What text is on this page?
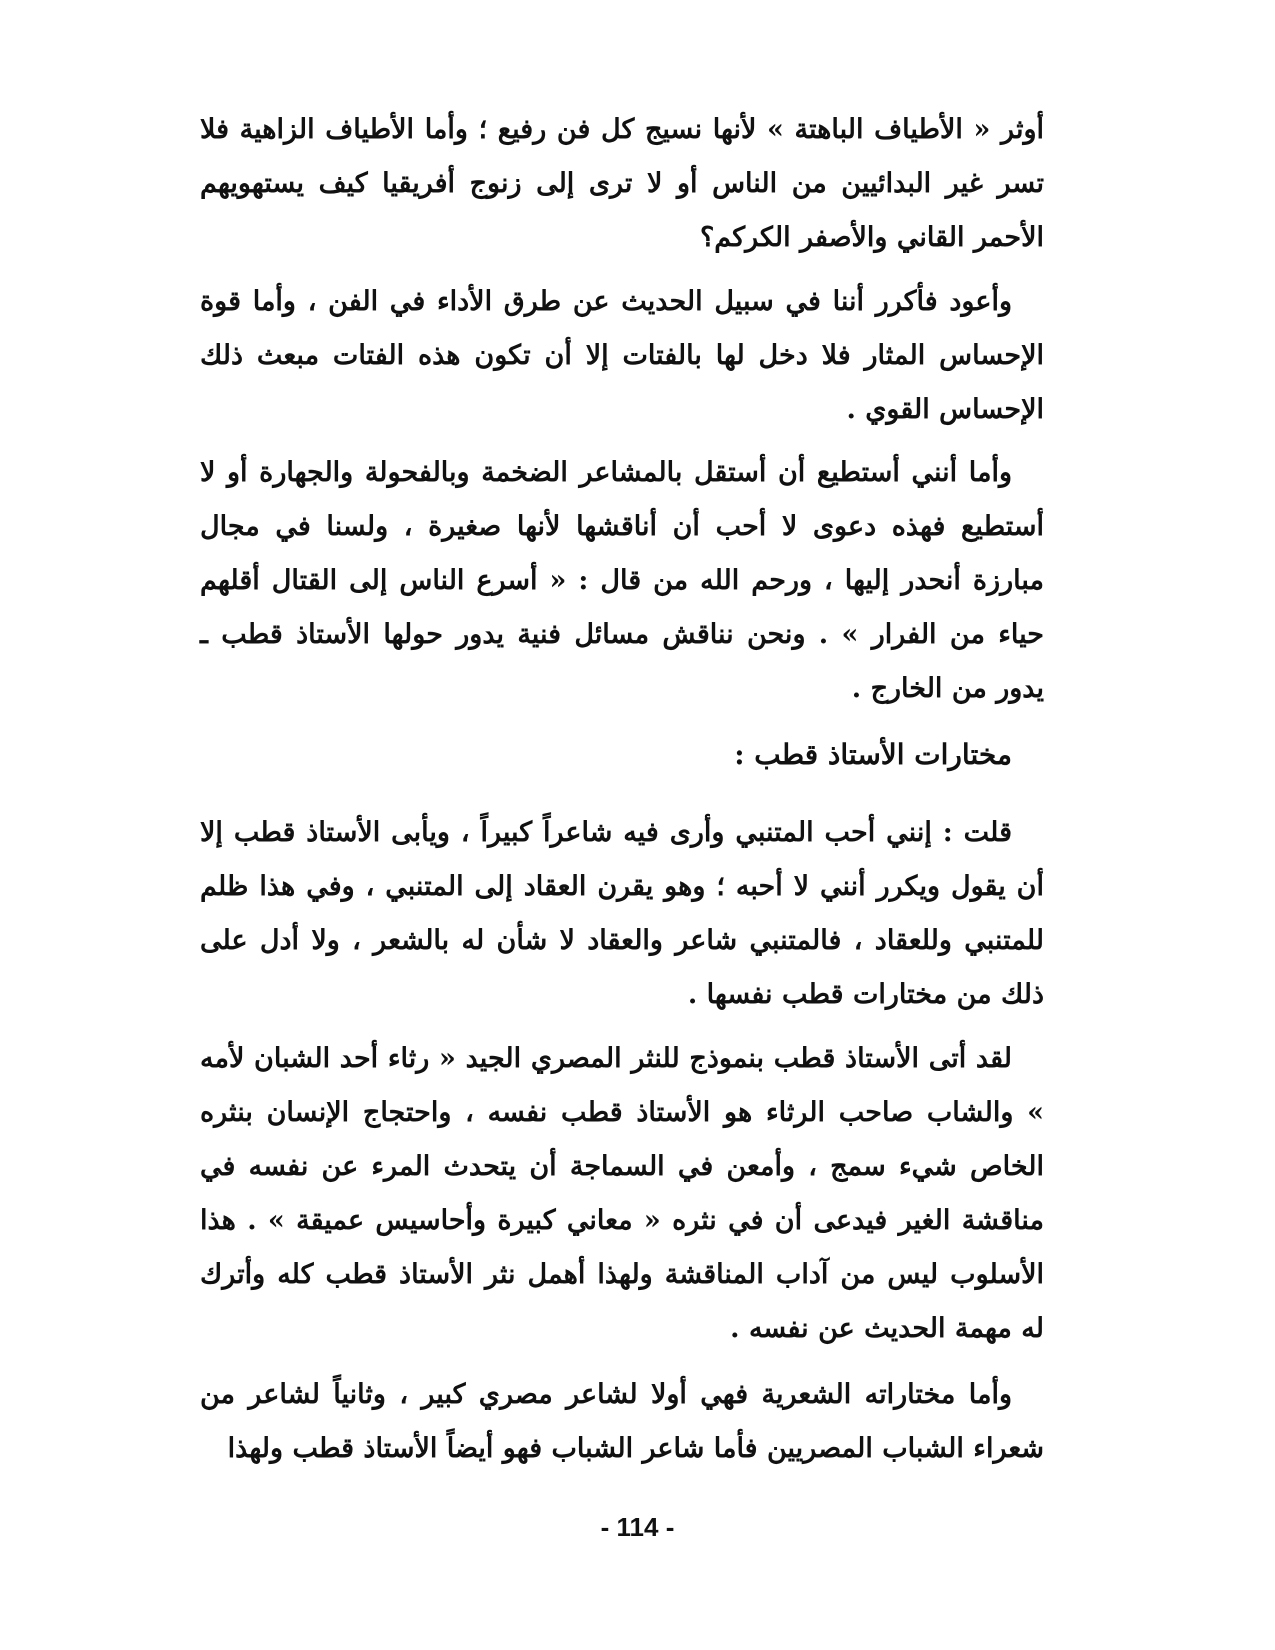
أوثر « الأطياف الباهتة » لأنها نسيج كل فن رفيع ؛ وأما الأطياف الزاهية فلا تسر غير البدائيين من الناس أو لا ترى إلى زنوج أفريقيا كيف يستهويهم الأحمر القاني والأصفر الكركم؟
وأعود فأكرر أننا في سبيل الحديث عن طرق الأداء في الفن ، وأما قوة الإحساس المثار فلا دخل لها بالفتات إلا أن تكون هذه الفتات مبعث ذلك الإحساس القوي .
وأما أنني أستطيع أن أستقل بالمشاعر الضخمة وبالفحولة والجهارة أو لا أستطيع فهذه دعوى لا أحب أن أناقشها لأنها صغيرة ، ولسنا في مجال مبارزة أنحدر إليها ، ورحم الله من قال : « أسرع الناس إلى القتال أقلهم حياء من الفرار » . ونحن نناقش مسائل فنية يدور حولها الأستاذ قطب ـ يدور من الخارج .
مختارات الأستاذ قطب :
قلت : إنني أحب المتنبي وأرى فيه شاعراً كبيراً ، ويأبى الأستاذ قطب إلا أن يقول ويكرر أنني لا أحبه ؛ وهو يقرن العقاد إلى المتنبي ، وفي هذا ظلم للمتنبي وللعقاد ، فالمتنبي شاعر والعقاد لا شأن له بالشعر ، ولا أدل على ذلك من مختارات قطب نفسها .
لقد أتى الأستاذ قطب بنموذج للنثر المصري الجيد « رثاء أحد الشبان لأمه » والشاب صاحب الرثاء هو الأستاذ قطب نفسه ، واحتجاج الإنسان بنثره الخاص شيء سمج ، وأمعن في السماجة أن يتحدث المرء عن نفسه في مناقشة الغير فيدعى أن في نثره « معاني كبيرة وأحاسيس عميقة » . هذا الأسلوب ليس من آداب المناقشة ولهذا أهمل نثر الأستاذ قطب كله وأترك له مهمة الحديث عن نفسه .
وأما مختاراته الشعرية فهي أولا لشاعر مصري كبير ، وثانياً لشاعر من شعراء الشباب المصريين فأما شاعر الشباب فهو أيضاً الأستاذ قطب ولهذا
- 114 -
